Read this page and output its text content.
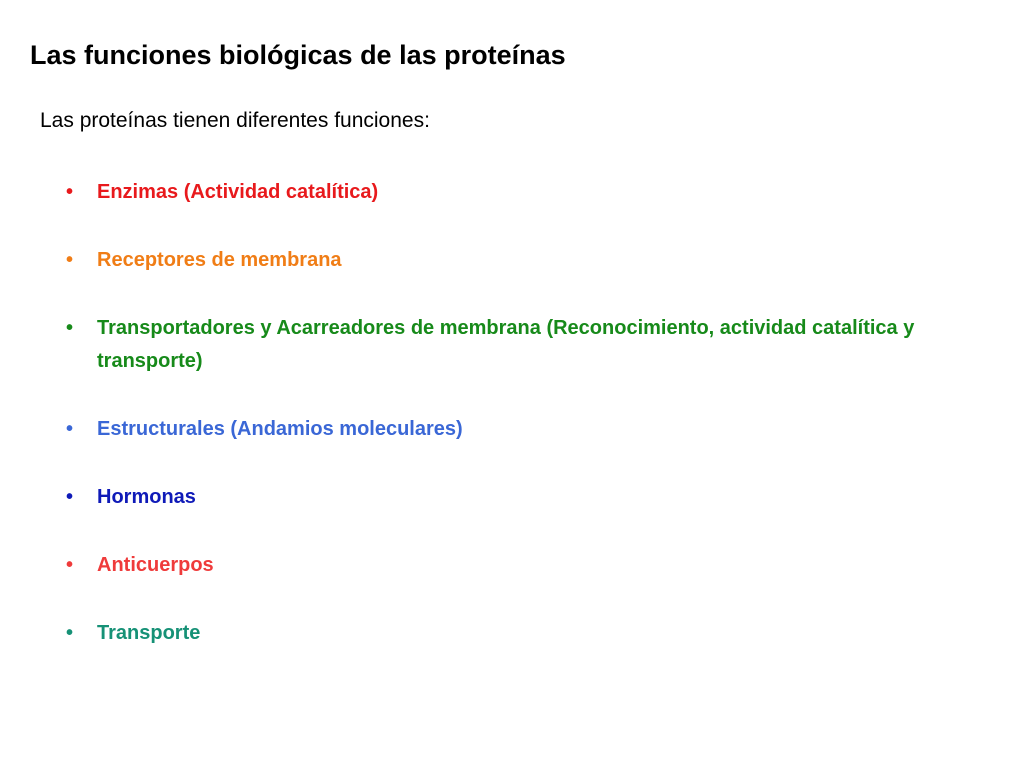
Las funciones biológicas de las proteínas
Las proteínas tienen diferentes funciones:
• Enzimas (Actividad catalítica)
• Receptores de membrana
• Transportadores y Acarreadores de membrana (Reconocimiento, actividad catalítica y transporte)
• Estructurales (Andamios moleculares)
• Hormonas
• Anticuerpos
• Transporte
